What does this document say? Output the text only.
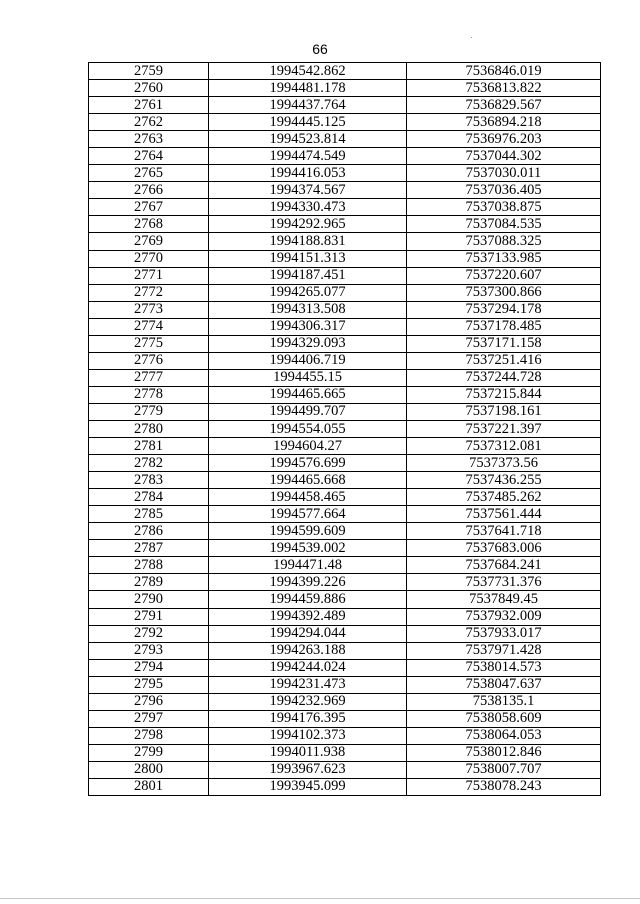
66
2759	1994542.862	7536846.019
2760	1994481.178	7536813.822
2761	1994437.764	7536829.567
2762	1994445.125	7536894.218
2763	1994523.814	7536976.203
2764	1994474.549	7537044.302
2765	1994416.053	7537030.011
2766	1994374.567	7537036.405
2767	1994330.473	7537038.875
2768	1994292.965	7537084.535
2769	1994188.831	7537088.325
2770	1994151.313	7537133.985
2771	1994187.451	7537220.607
2772	1994265.077	7537300.866
2773	1994313.508	7537294.178
2774	1994306.317	7537178.485
2775	1994329.093	7537171.158
2776	1994406.719	7537251.416
2777	1994455.15	7537244.728
2778	1994465.665	7537215.844
2779	1994499.707	7537198.161
2780	1994554.055	7537221.397
2781	1994604.27	7537312.081
2782	1994576.699	7537373.56
2783	1994465.668	7537436.255
2784	1994458.465	7537485.262
2785	1994577.664	7537561.444
2786	1994599.609	7537641.718
2787	1994539.002	7537683.006
2788	1994471.48	7537684.241
2789	1994399.226	7537731.376
2790	1994459.886	7537849.45
2791	1994392.489	7537932.009
2792	1994294.044	7537933.017
2793	1994263.188	7537971.428
2794	1994244.024	7538014.573
2795	1994231.473	7538047.637
2796	1994232.969	7538135.1
2797	1994176.395	7538058.609
2798	1994102.373	7538064.053
2799	1994011.938	7538012.846
2800	1993967.623	7538007.707
2801	1993945.099	7538078.243
